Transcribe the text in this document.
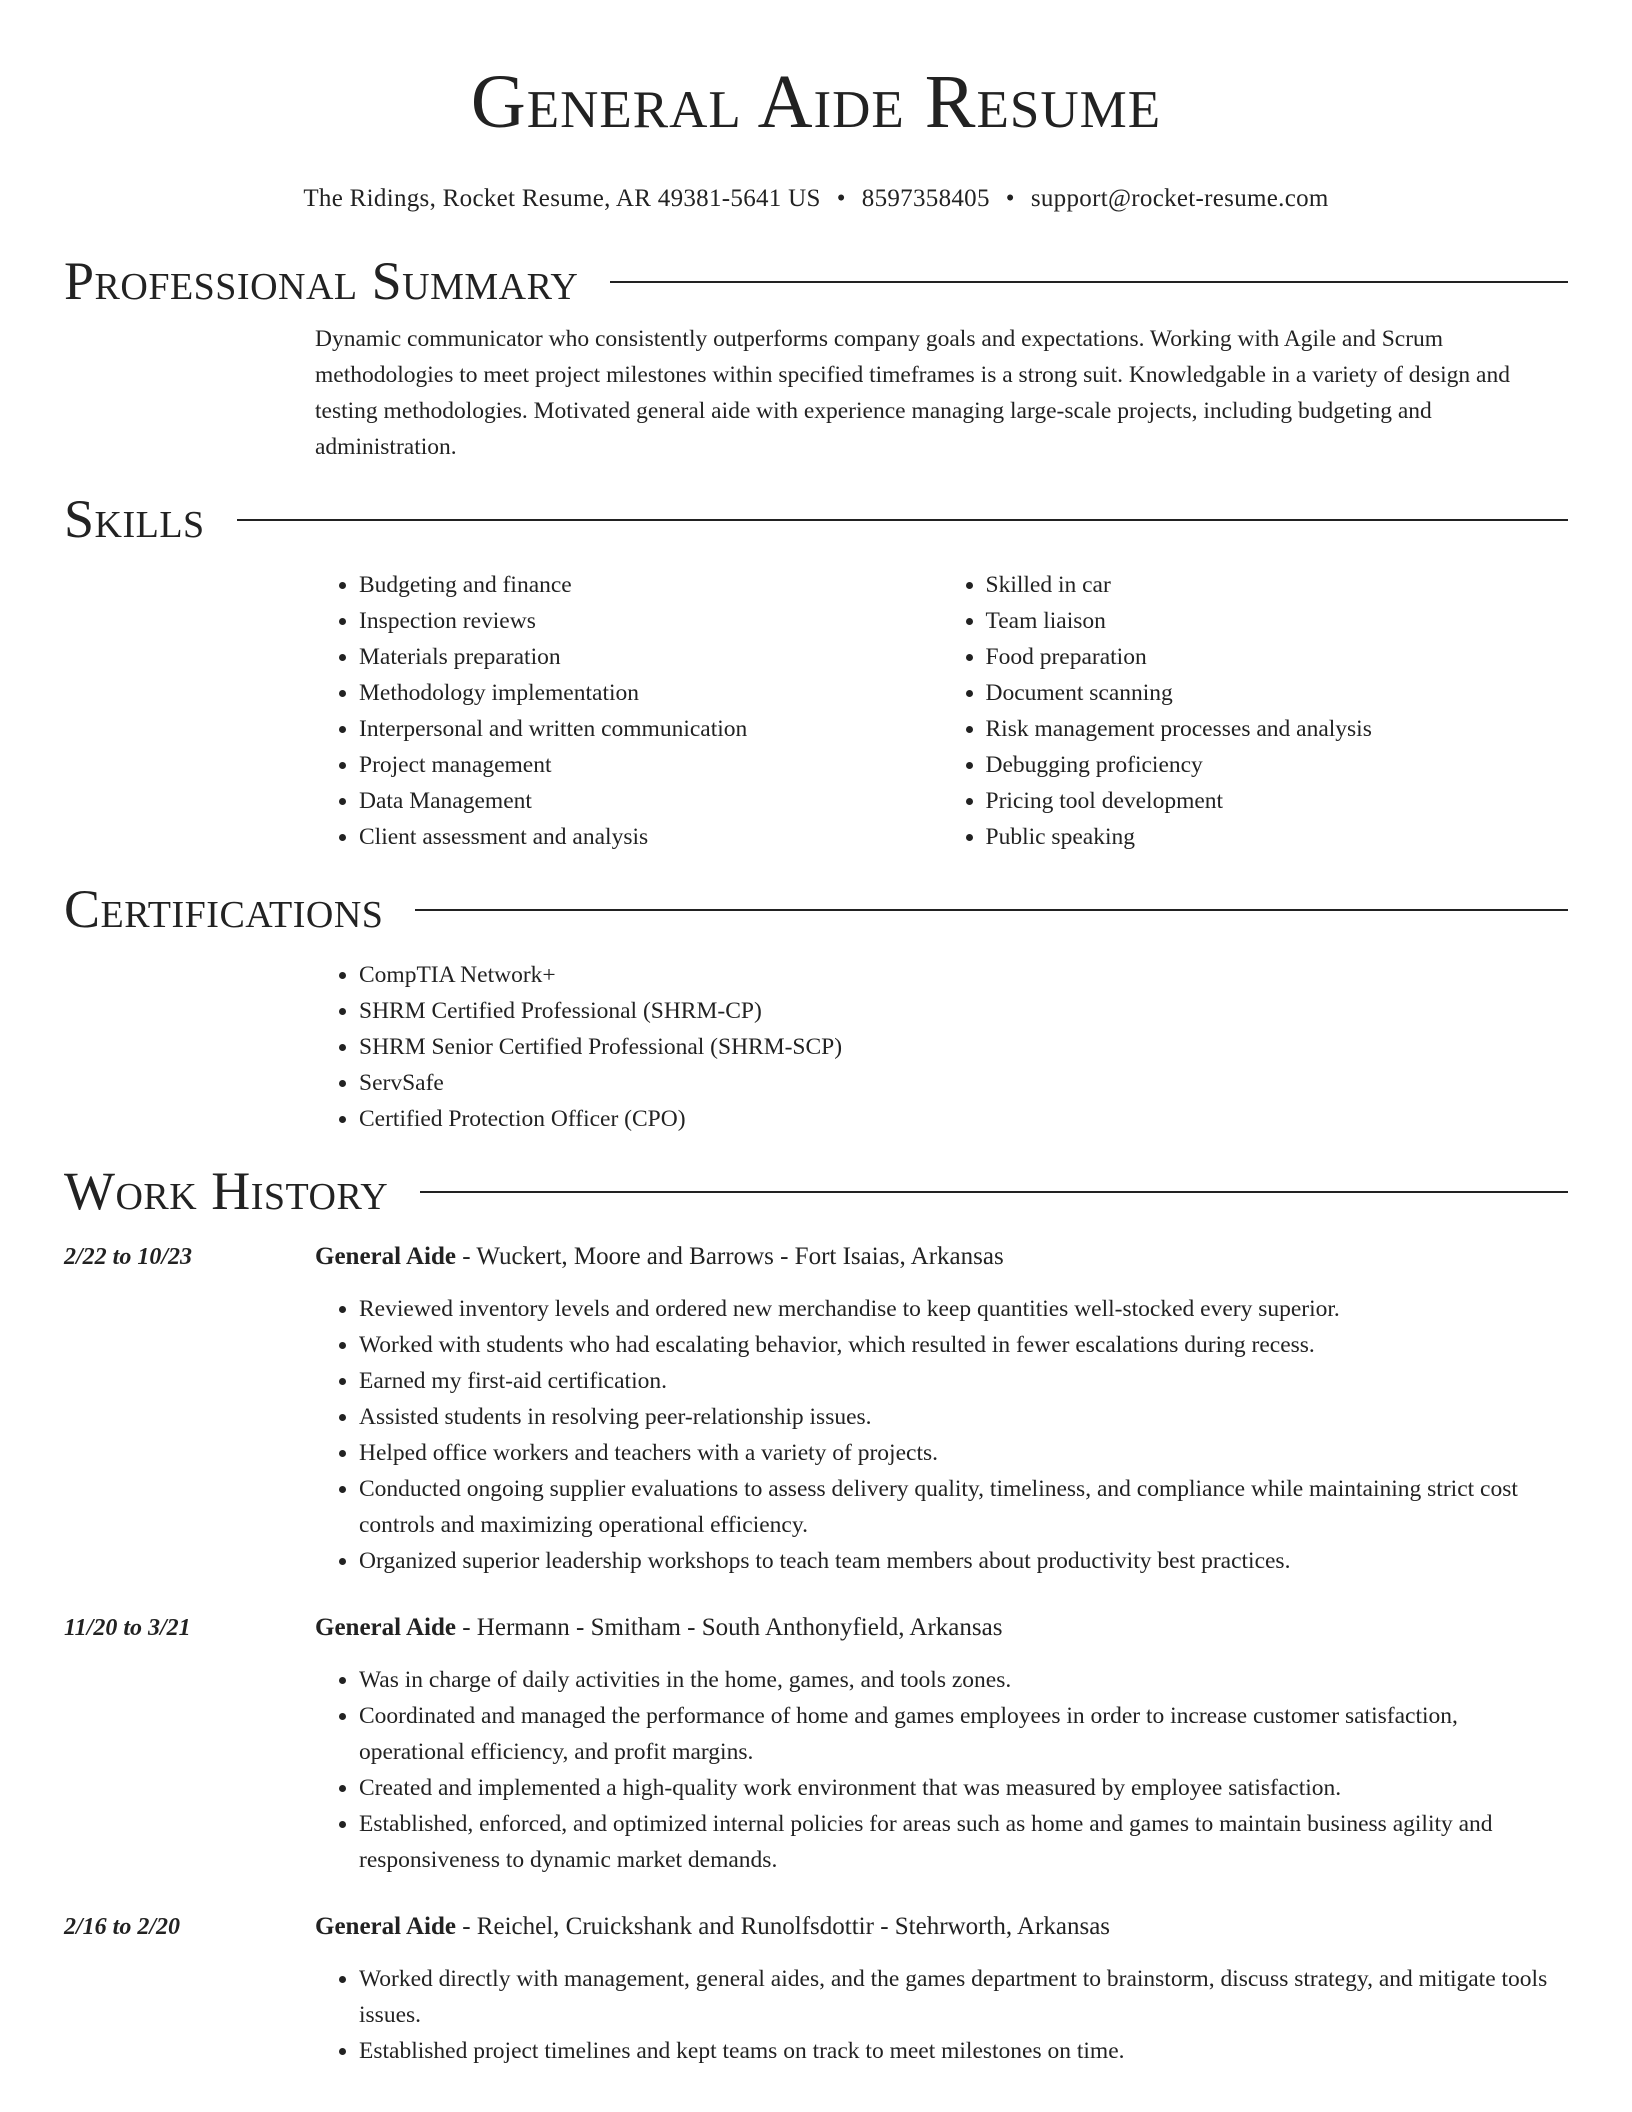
General Aide Resume
The Ridings, Rocket Resume, AR 49381-5641 US • 8597358405 • support@rocket-resume.com
Professional Summary

Dynamic communicator who consistently outperforms company goals and expectations. Working with Agile and Scrum methodologies to meet project milestones within specified timeframes is a strong suit. Knowledgable in a variety of design and testing methodologies. Motivated general aide with experience managing large-scale projects, including budgeting and administration.

Skills
• Budgeting and finance
• Inspection reviews
• Materials preparation
• Methodology implementation
• Interpersonal and written communication
• Project management
• Data Management
• Client assessment and analysis
• Skilled in car
• Team liaison
• Food preparation
• Document scanning
• Risk management processes and analysis
• Debugging proficiency
• Pricing tool development
• Public speaking
Certifications
• CompTIA Network+
• SHRM Certified Professional (SHRM-CP)
• SHRM Senior Certified Professional (SHRM-SCP)
• ServSafe
• Certified Protection Officer (CPO)
Work History
2/22 to 10/23	General Aide - Wuckert, Moore and Barrows - Fort Isaias, Arkansas
• Reviewed inventory levels and ordered new merchandise to keep quantities well-stocked every superior.
• Worked with students who had escalating behavior, which resulted in fewer escalations during recess.
• Earned my first-aid certification.
• Assisted students in resolving peer-relationship issues.
• Helped office workers and teachers with a variety of projects.
• Conducted ongoing supplier evaluations to assess delivery quality, timeliness, and compliance while maintaining strict cost controls and maximizing operational efficiency.
• Organized superior leadership workshops to teach team members about productivity best practices.
11/20 to 3/21	General Aide - Hermann - Smitham - South Anthonyfield, Arkansas
• Was in charge of daily activities in the home, games, and tools zones.
• Coordinated and managed the performance of home and games employees in order to increase customer satisfaction, operational efficiency, and profit margins.
• Created and implemented a high-quality work environment that was measured by employee satisfaction.
• Established, enforced, and optimized internal policies for areas such as home and games to maintain business agility and responsiveness to dynamic market demands.
2/16 to 2/20	General Aide - Reichel, Cruickshank and Runolfsdottir - Stehrworth, Arkansas
• Worked directly with management, general aides, and the games department to brainstorm, discuss strategy, and mitigate tools issues.
• Established project timelines and kept teams on track to meet milestones on time.
